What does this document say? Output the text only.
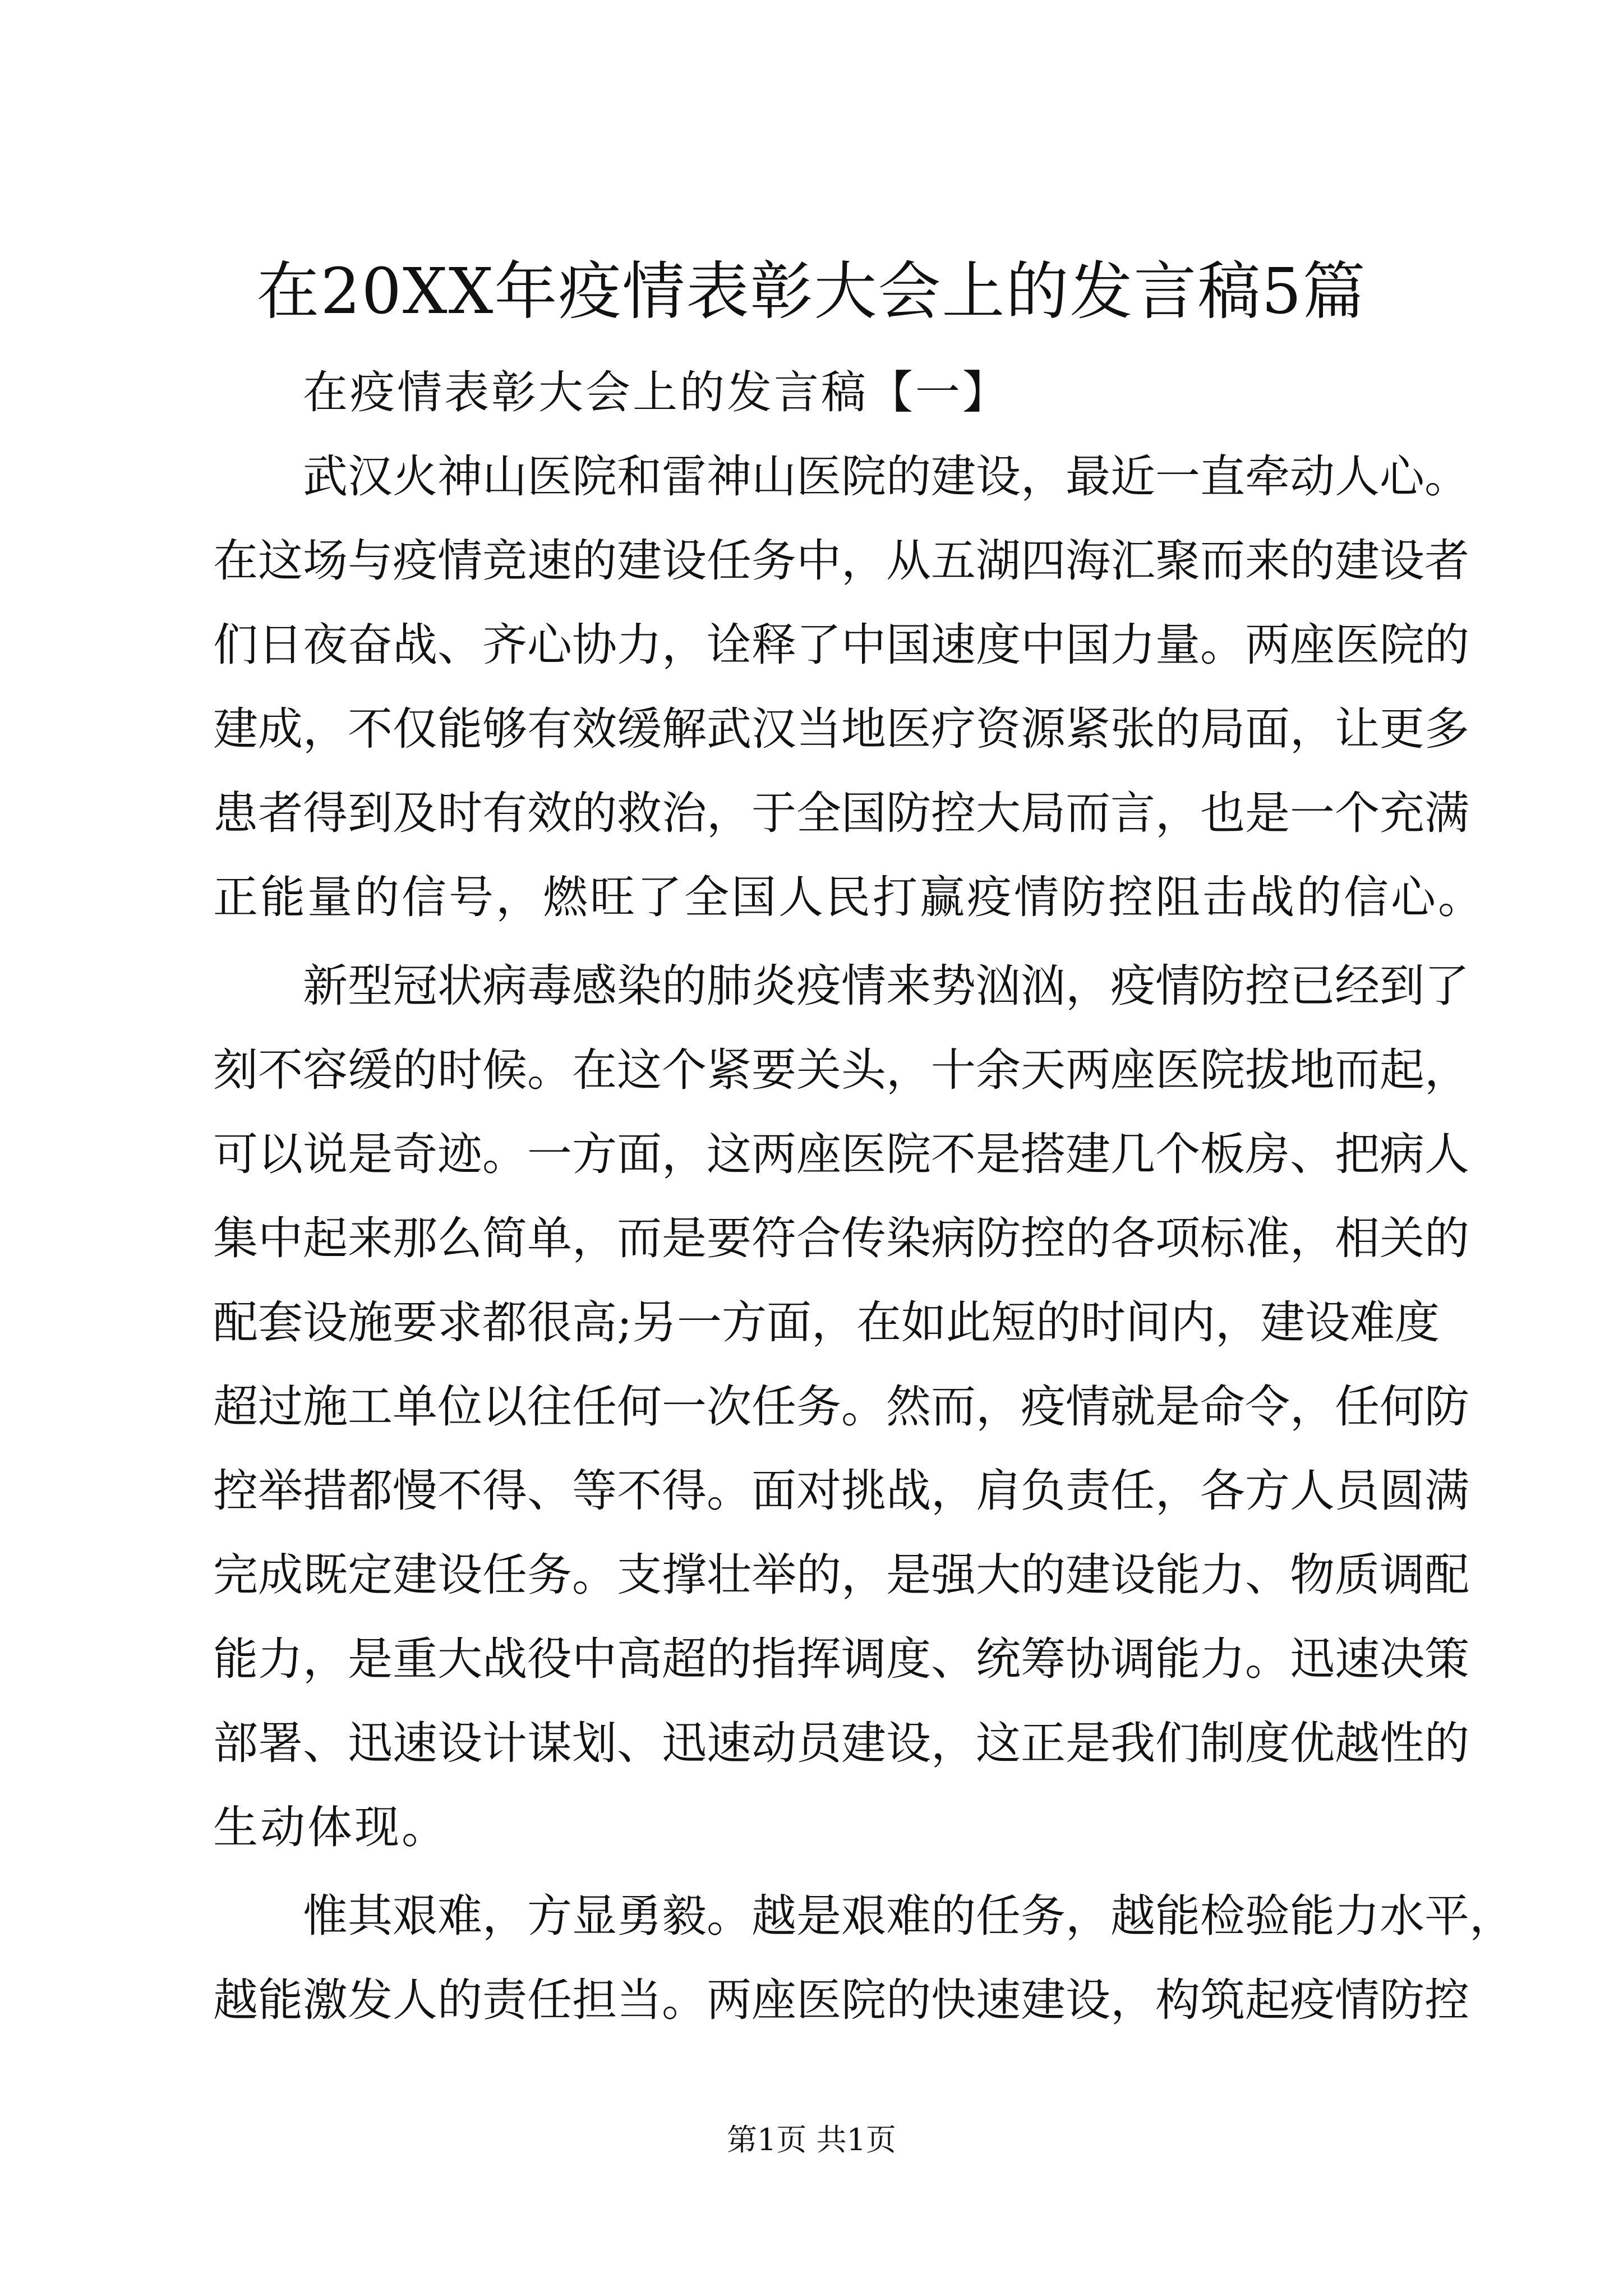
在20XX年疫情表彰大会上的发言稿5篇
在疫情表彰大会上的发言稿【一】
武汉火神山医院和雷神山医院的建设，最近一直牵动人心。
在这场与疫情竞速的建设任务中，从五湖四海汇聚而来的建设者
们日夜奋战、齐心协力，诠释了中国速度中国力量。两座医院的
建成，不仅能够有效缓解武汉当地医疗资源紧张的局面，让更多
患者得到及时有效的救治，于全国防控大局而言，也是一个充满
正能量的信号，燃旺了全国人民打赢疫情防控阻击战的信心。
新型冠状病毒感染的肺炎疫情来势汹汹，疫情防控已经到了
刻不容缓的时候。在这个紧要关头，十余天两座医院拔地而起，
可以说是奇迹。一方面，这两座医院不是搭建几个板房、把病人
集中起来那么简单，而是要符合传染病防控的各项标准，相关的
配套设施要求都很高;另一方面，在如此短的时间内，建设难度
超过施工单位以往任何一次任务。然而，疫情就是命令，任何防
控举措都慢不得、等不得。面对挑战，肩负责任，各方人员圆满
完成既定建设任务。支撑壮举的，是强大的建设能力、物质调配
能力，是重大战役中高超的指挥调度、统筹协调能力。迅速决策
部署、迅速设计谋划、迅速动员建设，这正是我们制度优越性的
生动体现。
惟其艰难，方显勇毅。越是艰难的任务，越能检验能力水平，
越能激发人的责任担当。两座医院的快速建设，构筑起疫情防控
第1页 共1页
